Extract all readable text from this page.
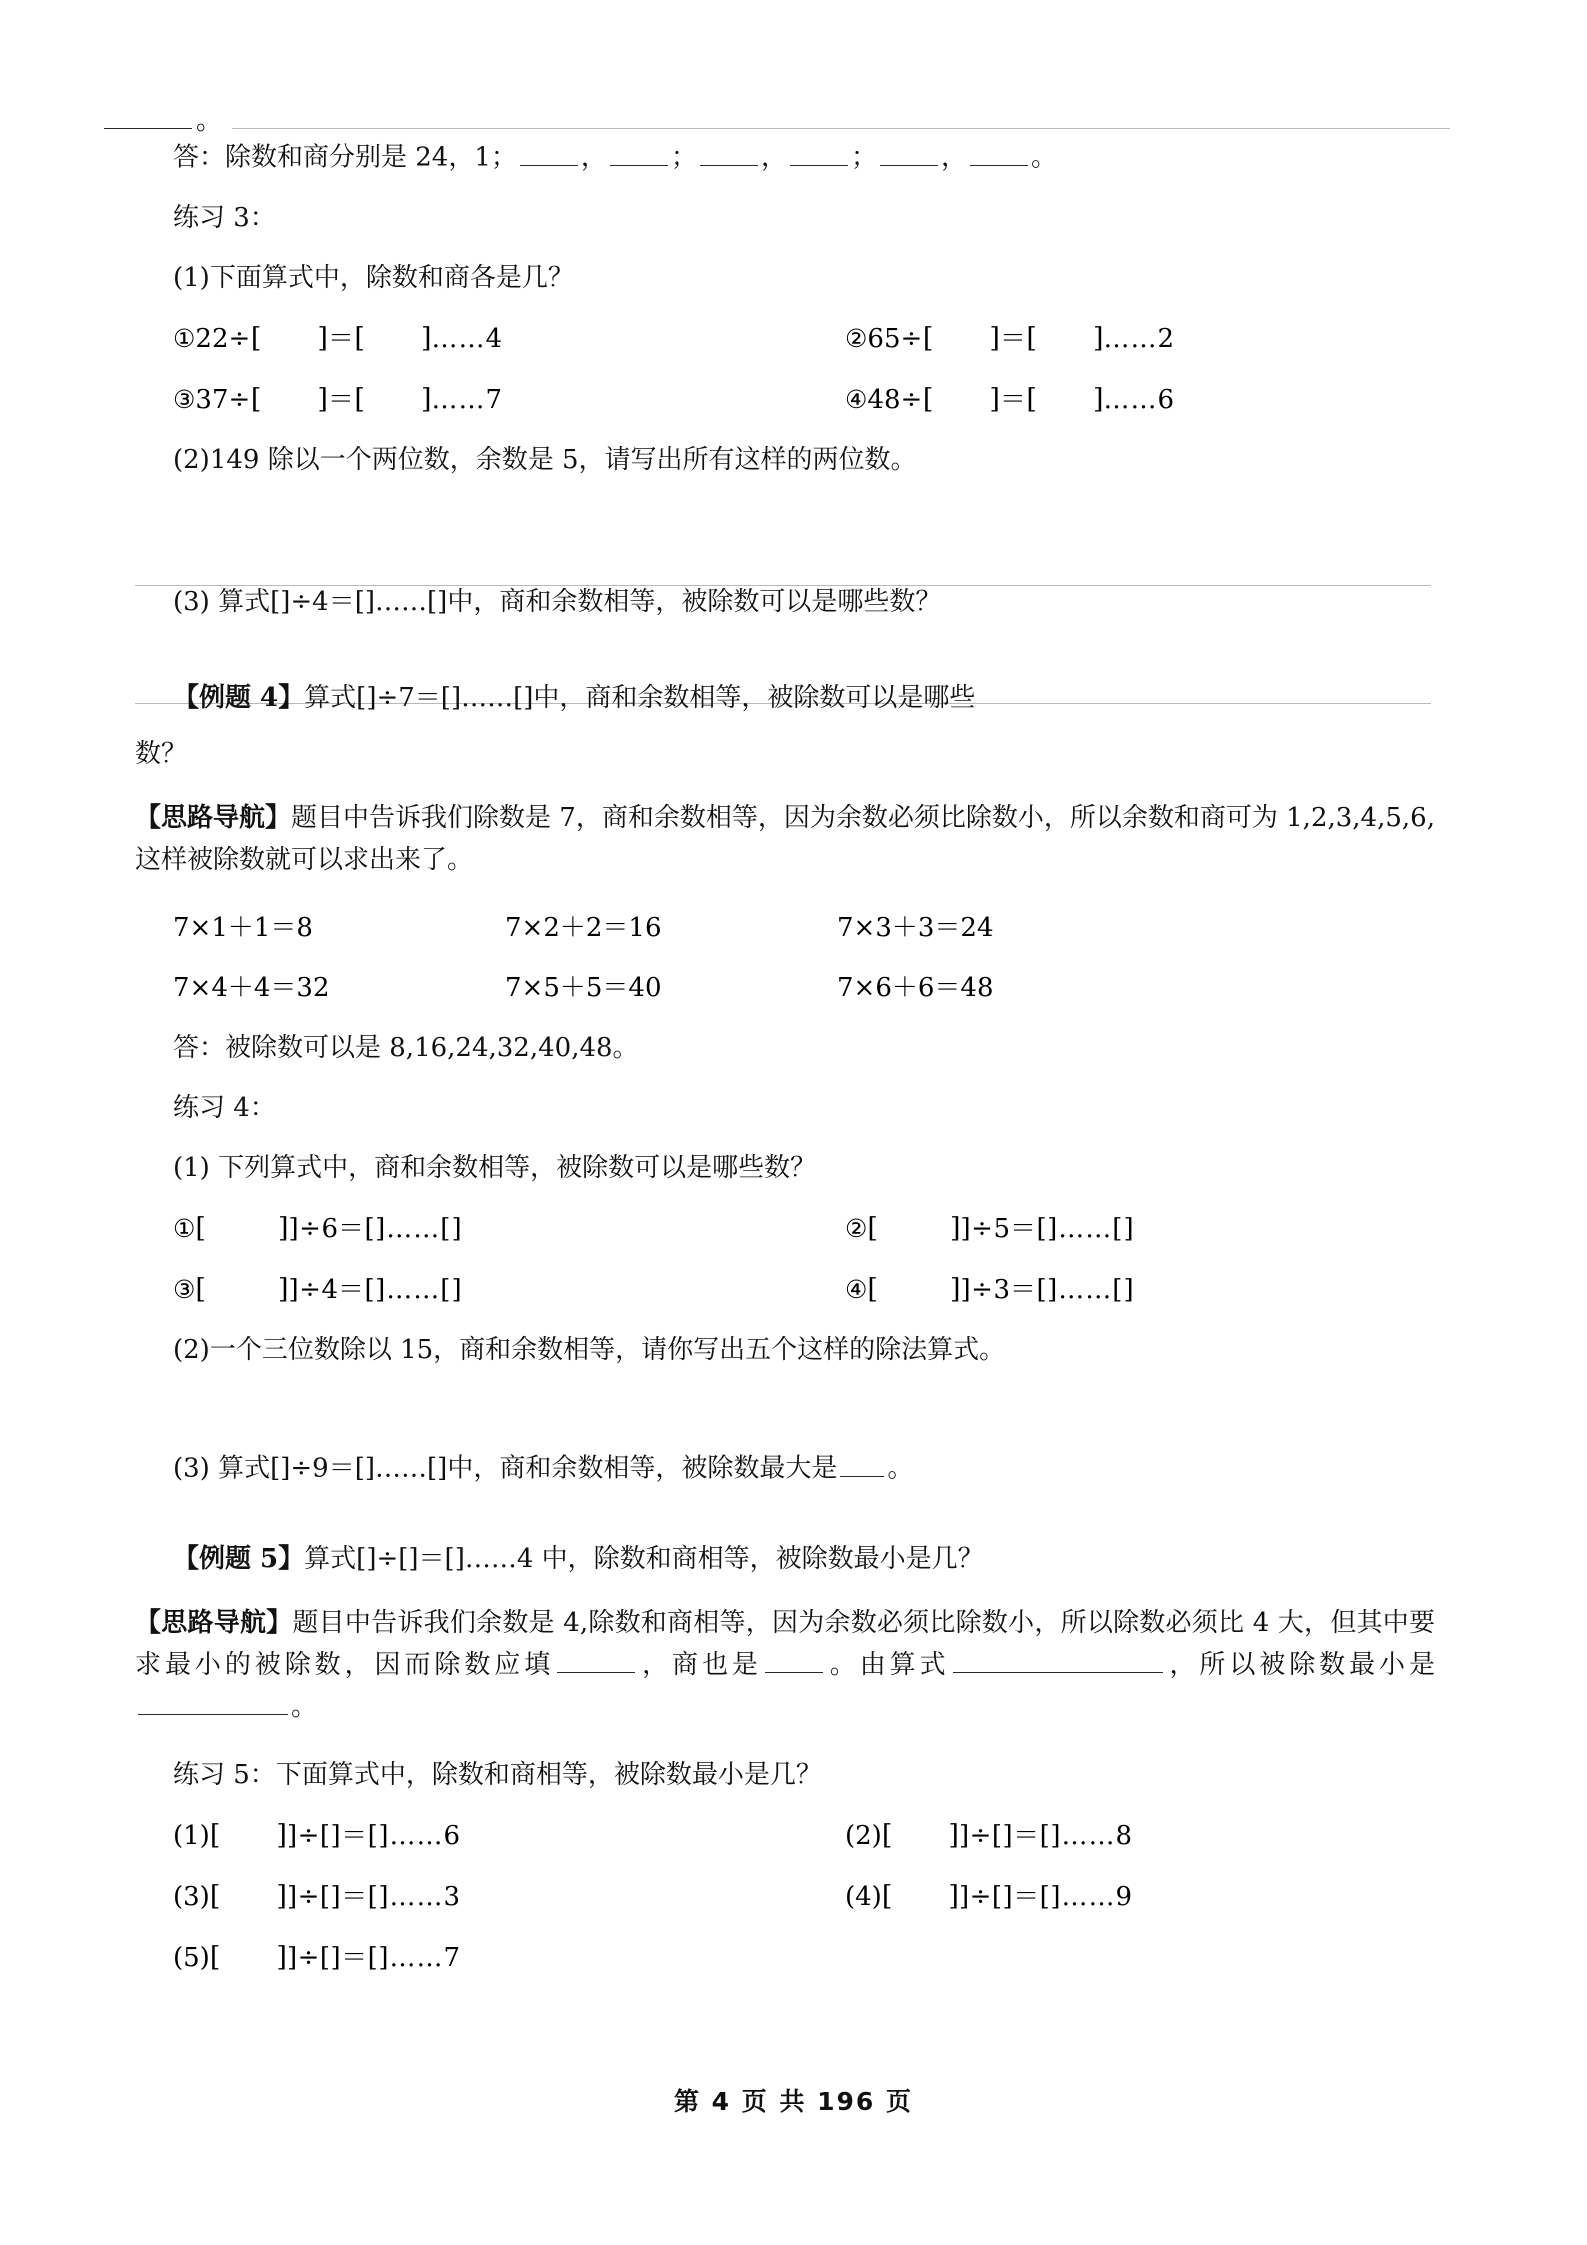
。
答：除数和商分别是 24，1； ， ； ， ； ， 。
练习 3：
(1)下面算式中，除数和商各是几？
①22÷[ ]＝[ ]……4	②65÷[ ]＝[ ]……2
③37÷[ ]＝[ ]……7	④48÷[ ]＝[ ]……6
(2)149 除以一个两位数，余数是 5，请写出所有这样的两位数。
(3) 算式[]÷4＝[]……[]中，商和余数相等，被除数可以是哪些数？
【例题 4】算式[]÷7＝[]……[]中，商和余数相等，被除数可以是哪些
数？
【思路导航】题目中告诉我们除数是 7，商和余数相等，因为余数必须比除数小，所以余数和商可为 1,2,3,4,5,6,这样被除数就可以求出来了。
7×1＋1＝8	7×2＋2＝16	7×3＋3＝24
7×4＋4＝32	7×5＋5＝40	7×6＋6＝48
答：被除数可以是 8,16,24,32,40,48。
练习 4：
(1) 下列算式中，商和余数相等，被除数可以是哪些数？
①[	]]÷6＝[]……[]	②[	]]÷5＝[]……[]
③[	]]÷4＝[]……[]	④[	]]÷3＝[]……[]
(2)一个三位数除以 15，商和余数相等，请你写出五个这样的除法算式。
(3) 算式[]÷9＝[]……[]中，商和余数相等，被除数最大是 。
【例题 5】算式[]÷[]＝[]……4 中，除数和商相等，被除数最小是几？
【思路导航】题目中告诉我们余数是 4,除数和商相等，因为余数必须比除数小，所以除数必须比 4 大，但其中要求最小的被除数，因而除数应填	，商也是 。由算式	，所以被除数最小是。
练习 5：下面算式中，除数和商相等，被除数最小是几？
(1)[ ]]÷[]＝[]……6	(2)[ ]]÷[]＝[]……8
(3)[ ]]÷[]＝[]……3	(4)[ ]]÷[]＝[]……9
(5)[ ]]÷[]＝[]……7
第 4 页 共 196 页
